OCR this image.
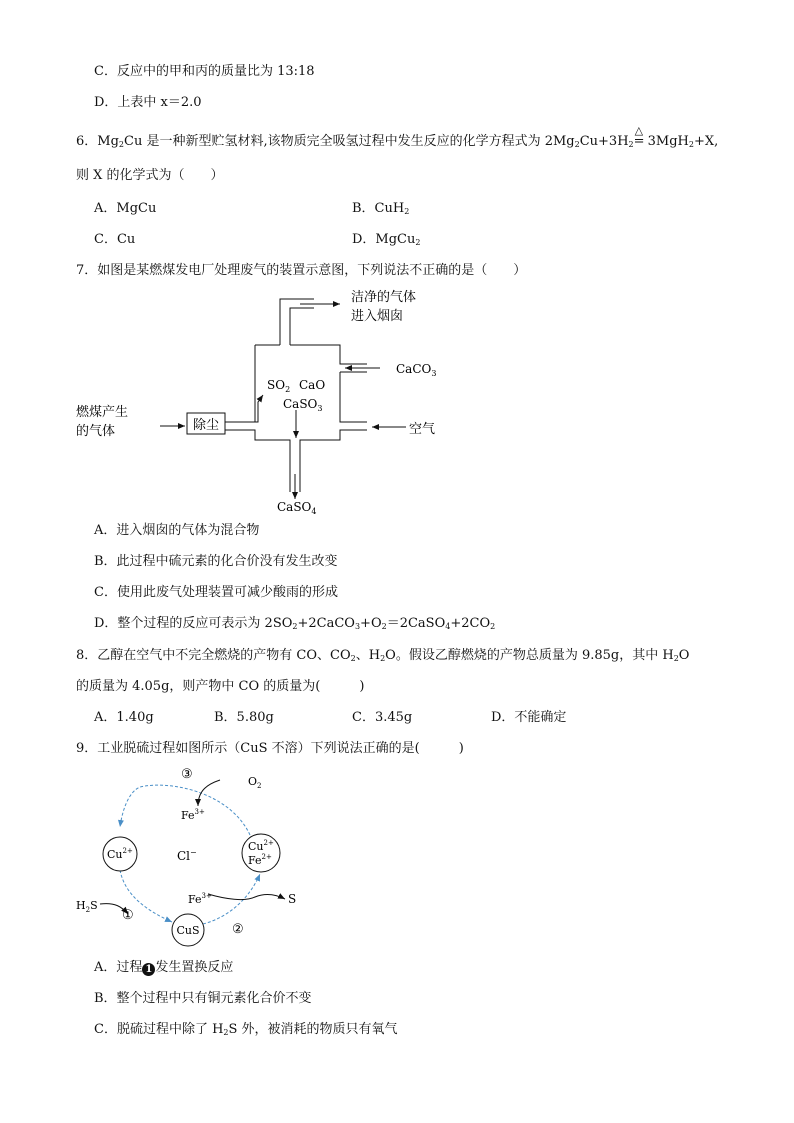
C．反应中的甲和丙的质量比为 13:18
D．上表中 x＝2.0
6．$Mg_2Cu$ 是一种新型贮氢材料,该物质完全吸氢过程中发生反应的化学方程式为 $2Mg_2Cu+3H_2$
△
= 3MgH$_2$+X,
则 X 的化学式为（　　）
A．MgCu	B．CuH$_2$
C．Cu	D．MgCu$_2$
7．如图是某燃煤发电厂处理废气的装置示意图，下列说法不正确的是（　　）
除尘
洁净的气体
进入烟囱
CaCO$_3$
$SO_2$ CaO
CaSO$_3$
燃煤产生
的气体	空气
CaSO$_4$
A．进入烟囱的气体为混合物
B．此过程中硫元素的化合价没有发生改变
C．使用此废气处理装置可减少酸雨的形成
D．整个过程的反应可表示为 $2SO_2+2CaCO_3+O_2=2CaSO_4+2CO_2$
8．乙醇在空气中不完全燃烧的产物有 CO、$CO_2$、$H_2O$。假设乙醇燃烧的产物总质量为 9.85g，其中 $H_2O$
的质量为 4.05g，则产物中 CO 的质量为(　　　)
A．1.40g	B．5.80g	C．3.45g	D．不能确定
9．工业脱硫过程如图所示（CuS 不溶）下列说法正确的是(　　　)
③	$O_2$
$Fe^{3+}$
$Cu^{2+}$	Cl−	$Cu^{2+}$
$Fe^{2+}$
$H_2S$
①
$Fe^{3+}$	S
CuS ②
A．过程 1 发生置换反应
B．整个过程中只有铜元素化合价不变
C．脱硫过程中除了 $H_2S$ 外，被消耗的物质只有氧气
